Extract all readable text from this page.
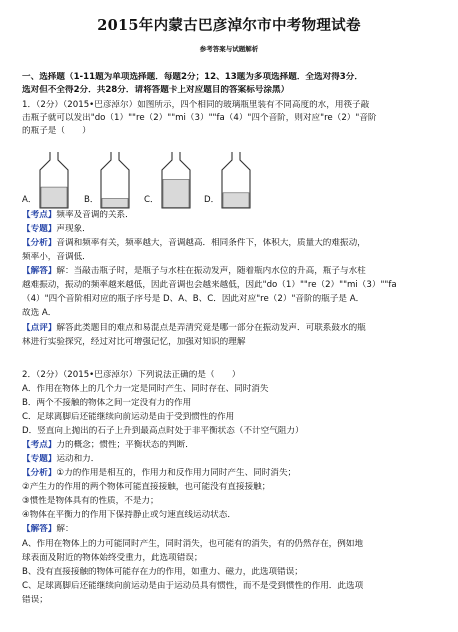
2015年内蒙古巴彦淖尔市中考物理试卷
参考答案与试题解析
一、选择题（1-11题为单项选择题．每题2分；12、13题为多项选择题．全选对得3分．
选对但不全得2分．共28分．请将答题卡上对应题目的答案标号涂黑）
1．（2分）（2015•巴彦淖尔）如图所示，四个相同的玻璃瓶里装有不同高度的水，用筷子敲
击瓶子就可以发出"do（1）""re（2）""mi（3）""fa（4）"四个音阶，则对应"re（2）"音阶
的瓶子是（　　）
A．	B．	C．	D．
【考点】频率及音调的关系．
【专题】声现象．
【分析】音调和频率有关，频率越大，音调越高．相同条件下，体积大，质量大的难振动，
频率小，音调低．
【解答】解：当敲击瓶子时，是瓶子与水柱在振动发声，随着瓶内水位的升高，瓶子与水柱
越难振动，振动的频率越来越低，因此音调也会越来越低，因此"do（1）""re（2）""mi（3）""fa
（4）"四个音阶相对应的瓶子序号是 D、A、B、C．因此对应"re（2）"音阶的瓶子是 A．
故选 A．
【点评】解答此类题目的难点和易混点是弄清究竟是哪一部分在振动发声．可联系鼓水的瓶
林进行实验探究，经过对比可增强记忆，加强对知识的理解
2．（2分）（2015•巴彦淖尔）下列说法正确的是（　　）
A．作用在物体上的几个力一定是同时产生、同时存在、同时消失
B．两个不接触的物体之间一定没有力的作用
C．足球离脚后还能继续向前运动是由于受到惯性的作用
D．竖直向上抛出的石子上升到最高点时处于非平衡状态（不计空气阻力）
【考点】力的概念；惯性；平衡状态的判断．
【专题】运动和力．
【分析】①力的作用是相互的，作用力和反作用力同时产生、同时消失；
②产生力的作用的两个物体可能直接接触，也可能没有直接接触；
③惯性是物体具有的性质，不是力；
④物体在平衡力的作用下保持静止或匀速直线运动状态．
【解答】解：
A、作用在物体上的力可能同时产生，同时消失，也可能有的消失，有的仍然存在，例如地
球表面及附近的物体始终受重力，此选项错误；
B、没有直接接触的物体可能存在力的作用，如重力、磁力，此选项错误；
C、足球离脚后还能继续向前运动是由于运动员具有惯性，而不是受到惯性的作用．此选项
错误；
